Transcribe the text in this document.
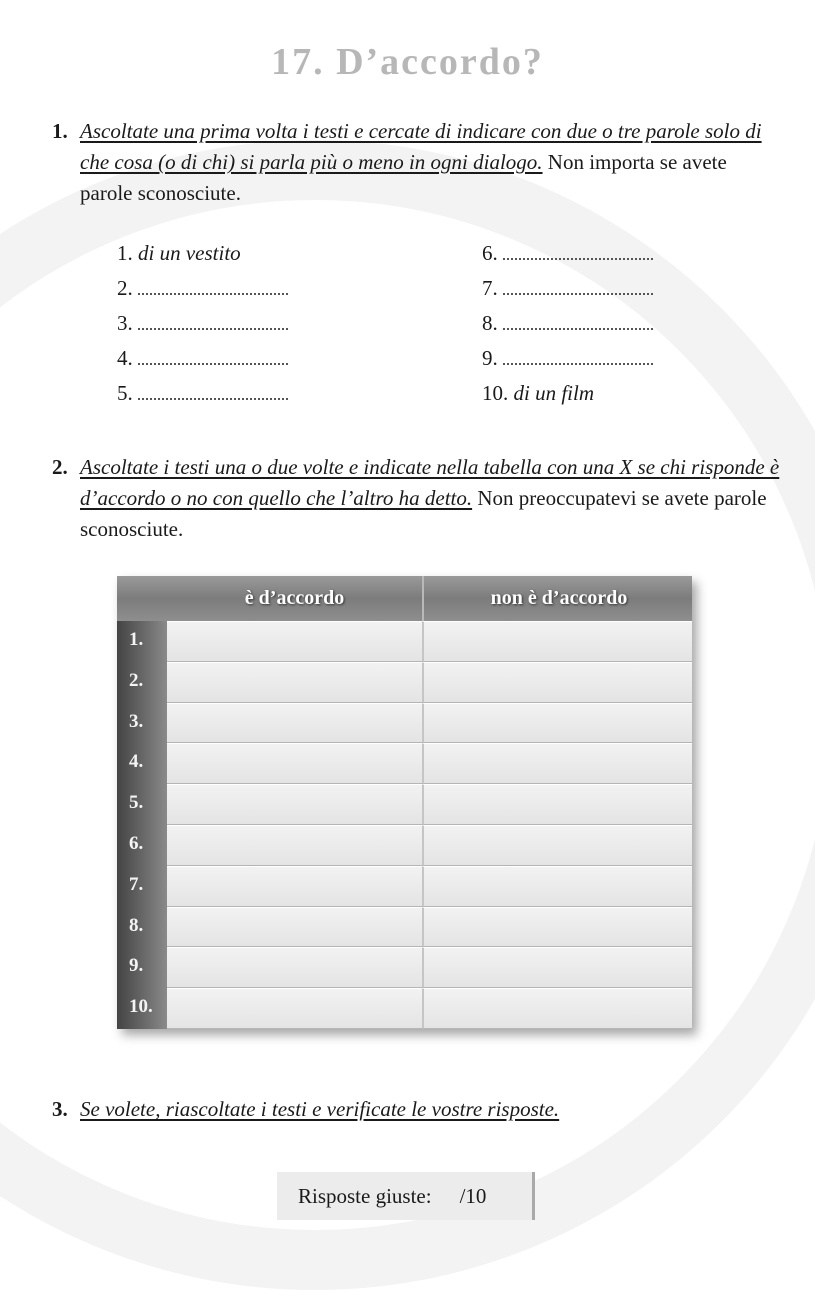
17. D’accordo?
1. Ascoltate una prima volta i testi e cercate di indicare con due o tre parole solo di che cosa (o di chi) si parla più o meno in ogni dialogo. Non importa se avete parole sconosciute.
1. di un vestito
2.
3.
4.
5.
6.
7.
8.
9.
10. di un film
2. Ascoltate i testi una o due volte e indicate nella tabella con una X se chi risponde è d’accordo o no con quello che l’altro ha detto. Non preoccupatevi se avete parole sconosciute.
è d’accordo	non è d’accordo
1.
2.
3.
4.
5.
6.
7.
8.
9.
10.
3. Se volete, riascoltate i testi e verificate le vostre risposte.
Risposte giuste: /10
